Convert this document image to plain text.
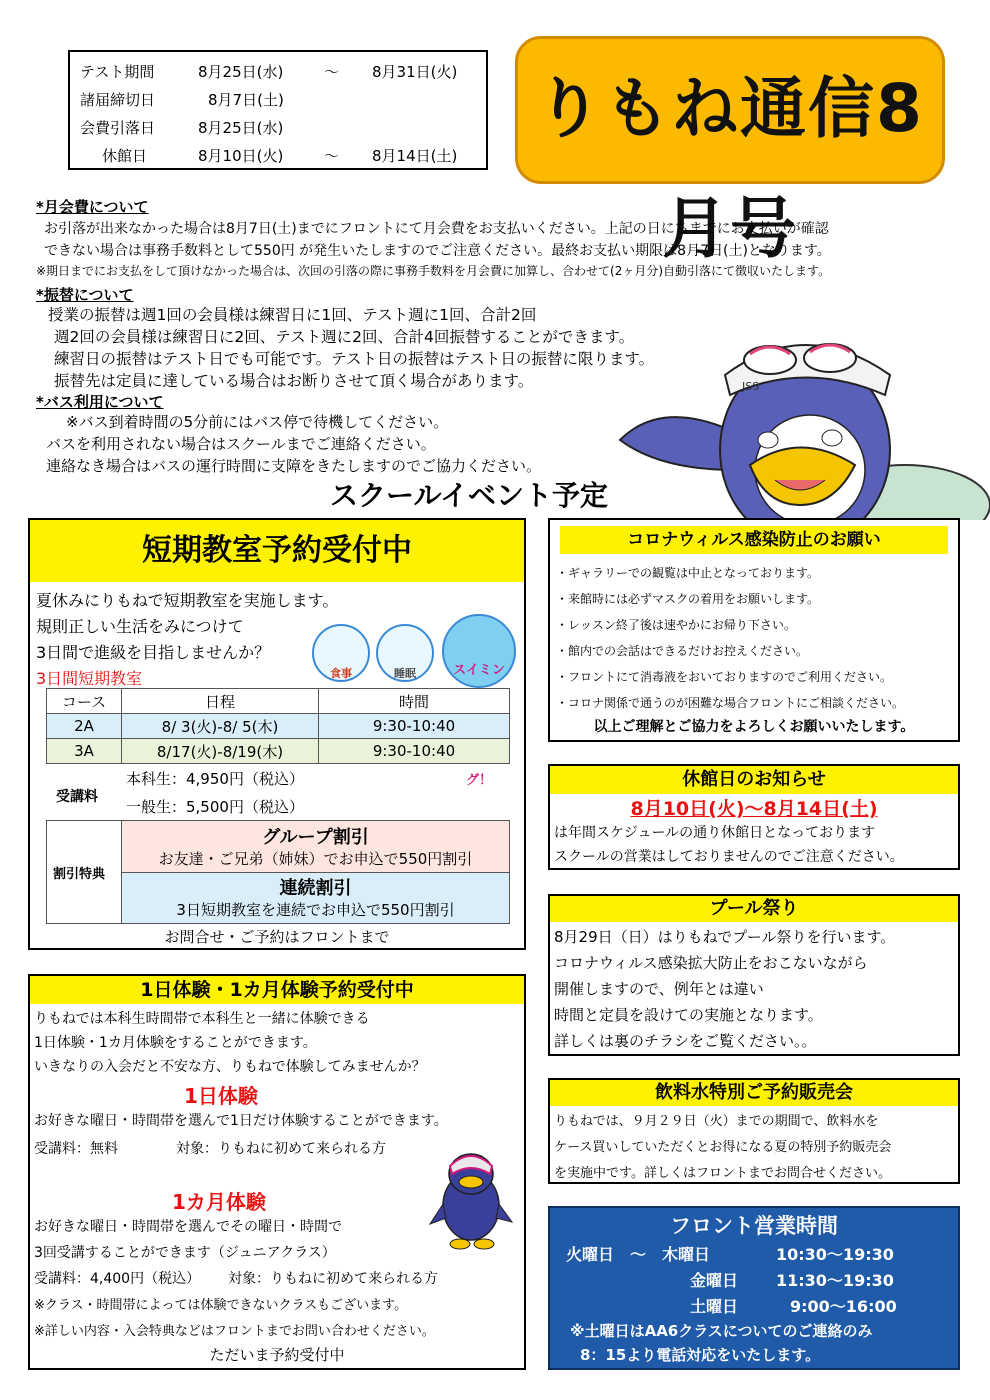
テスト期間	8月25日(水)	～ 8月31日(火)
諸届締切日	8月7日(土)
会費引落日	8月25日(水)
休館日	8月10日(火)	～ 8月14日(土)
りもね通信8月号
*月会費について
お引落が出来なかった場合は8月7日(土)までにフロントにて月会費をお支払いください。上記の日にちまでにお支払いが確認
できない場合は事務手数料として550円 が発生いたしますのでご注意ください。最終お支払い期限は8月7日(土)となります。
※期日までにお支払をして頂けなかった場合は、次回の引落の際に事務手数料を月会費に加算し、合わせて(2ヶ月分)自動引落にて徴収いたします。
*振替について
授業の振替は週1回の会員様は練習日に1回、テスト週に1回、合計2回
週2回の会員様は練習日に2回、テスト週に2回、合計4回振替することができます。
練習日の振替はテスト日でも可能です。テスト日の振替はテスト日の振替に限ります。
振替先は定員に達している場合はお断りさせて頂く場合があります。
*バス利用について
※バス到着時間の5分前にはバス停で待機してください。
バスを利用されない場合はスクールまでご連絡ください。
連絡なき場合はバスの運行時間に支障をきたしますのでご協力ください。
JSS
スクールイベント予定
短期教室予約受付中
夏休みにりもねで短期教室を実施します。
規則正しい生活をみにつけて
3日間で進級を目指しませんか？
3日間短期教室	食事	睡眠	スイミング！
コース	日程	時間
2A	8/ 3(火)-8/ 5(木)	9:30-10:40
3A	8/17(火)-8/19(木)	9:30-10:40
受講料
本科生：4,950円（税込）
一般生：5,500円（税込）
割引特典
グループ割引
お友達・ご兄弟（姉妹）でお申込で550円割引
連続割引
3日短期教室を連続でお申込で550円割引
お問合せ・ご予約はフロントまで
1日体験・1カ月体験予約受付中
りもねでは本科生時間帯で本科生と一緒に体験できる
1日体験・1カ月体験をすることができます。
いきなりの入会だと不安な方、りもねで体験してみませんか？
1日体験
お好きな曜日・時間帯を選んで1日だけ体験することができます。
受講料：無料	対象：りもねに初めて来られる方
1カ月体験
お好きな曜日・時間帯を選んでその曜日・時間で
3回受講することができます（ジュニアクラス）
受講料：4,400円（税込） 対象：りもねに初めて来られる方
※クラス・時間帯によっては体験できないクラスもございます。
※詳しい内容・入会特典などはフロントまでお問い合わせください。
ただいま予約受付中
コロナウィルス感染防止のお願い
・ギャラリーでの観覧は中止となっております。
・来館時には必ずマスクの着用をお願いします。
・レッスン終了後は速やかにお帰り下さい。
・館内での会話はできるだけお控えください。
・フロントにて消毒液をおいておりますのでご利用ください。
・コロナ関係で通うのが困難な場合フロントにご相談ください。
以上ご理解とご協力をよろしくお願いいたします。
休館日のお知らせ
8月10日(火)～8月14日(土)
は年間スケジュールの通り休館日となっております
スクールの営業はしておりませんのでご注意ください。
プール祭り
8月29日（日）はりもねでプール祭りを行います。
コロナウィルス感染拡大防止をおこないながら
開催しますので、例年とは違い
時間と定員を設けての実施となります。
詳しくは裏のチラシをご覧ください。。
飲料水特別ご予約販売会
りもねでは、９月２９日（火）までの期間で、飲料水を
ケース買いしていただくとお得になる夏の特別予約販売会
を実施中です。詳しくはフロントまでお問合せください。
フロント営業時間
火曜日　～　木曜日	10:30～19:30
金曜日 11:30～19:30
土曜日	9:00～16:00
※土曜日はAA6クラスについてのご連絡のみ
8：15より電話対応をいたします。
